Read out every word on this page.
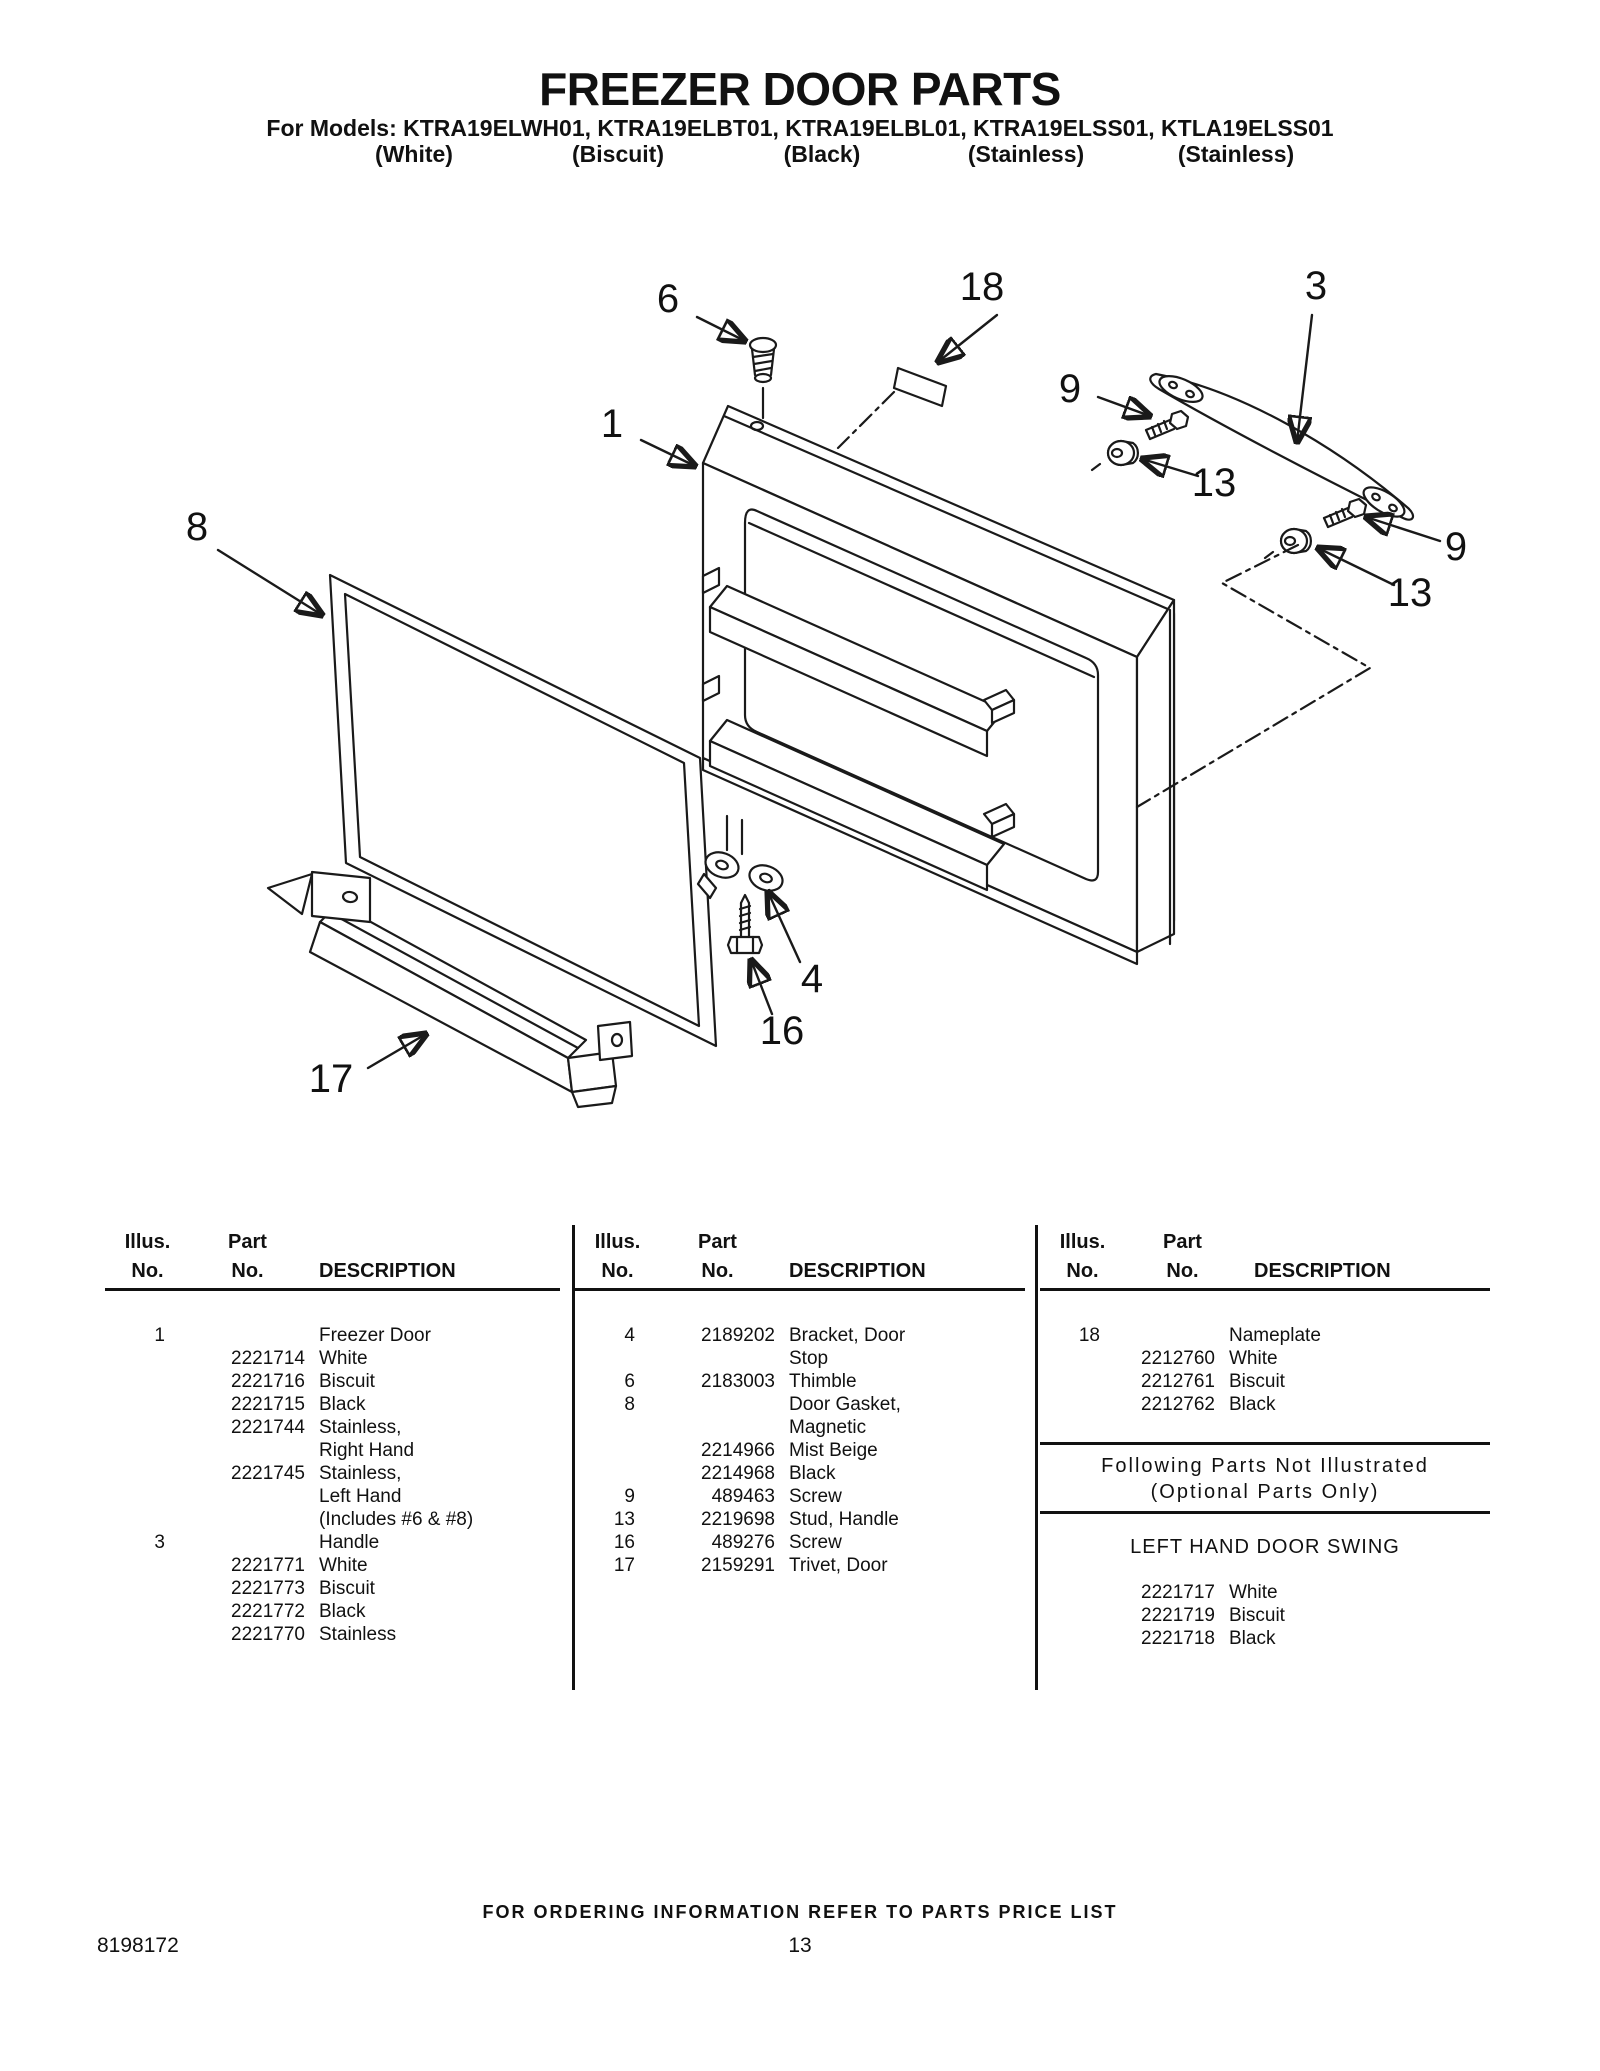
FREEZER DOOR PARTS
For Models: KTRA19ELWH01, KTRA19ELBT01, KTRA19ELBL01, KTRA19ELSS01, KTLA19ELSS01
(White)	(Biscuit)	(Black)	(Stainless)	(Stainless)
6	18	3
9
13
1
8	9
13
4
16
17
Illus.	Part
No.	No.	DESCRIPTION
1	Freezer Door
2221714 White
2221716 Biscuit
2221715 Black
2221744 Stainless,
Right Hand
2221745 Stainless,
Left Hand
(Includes #6 & #8)
3	Handle
2221771 White
2221773 Biscuit
2221772 Black
2221770 Stainless
Illus.	Part
No.	No.	DESCRIPTION
4	2189202 Bracket, Door
Stop
6	2183003 Thimble
8	Door Gasket,
Magnetic
2214966 Mist Beige
2214968 Black
9	489463 Screw
13	2219698 Stud, Handle
16	489276 Screw
17	2159291 Trivet, Door
Illus.	Part
No.	No.	DESCRIPTION
18	Nameplate
2212760 White
2212761 Biscuit
2212762 Black
Following Parts Not Illustrated
(Optional Parts Only)
LEFT HAND DOOR SWING
2221717 White
2221719 Biscuit
2221718 Black
FOR ORDERING INFORMATION REFER TO PARTS PRICE LIST
8198172	13
